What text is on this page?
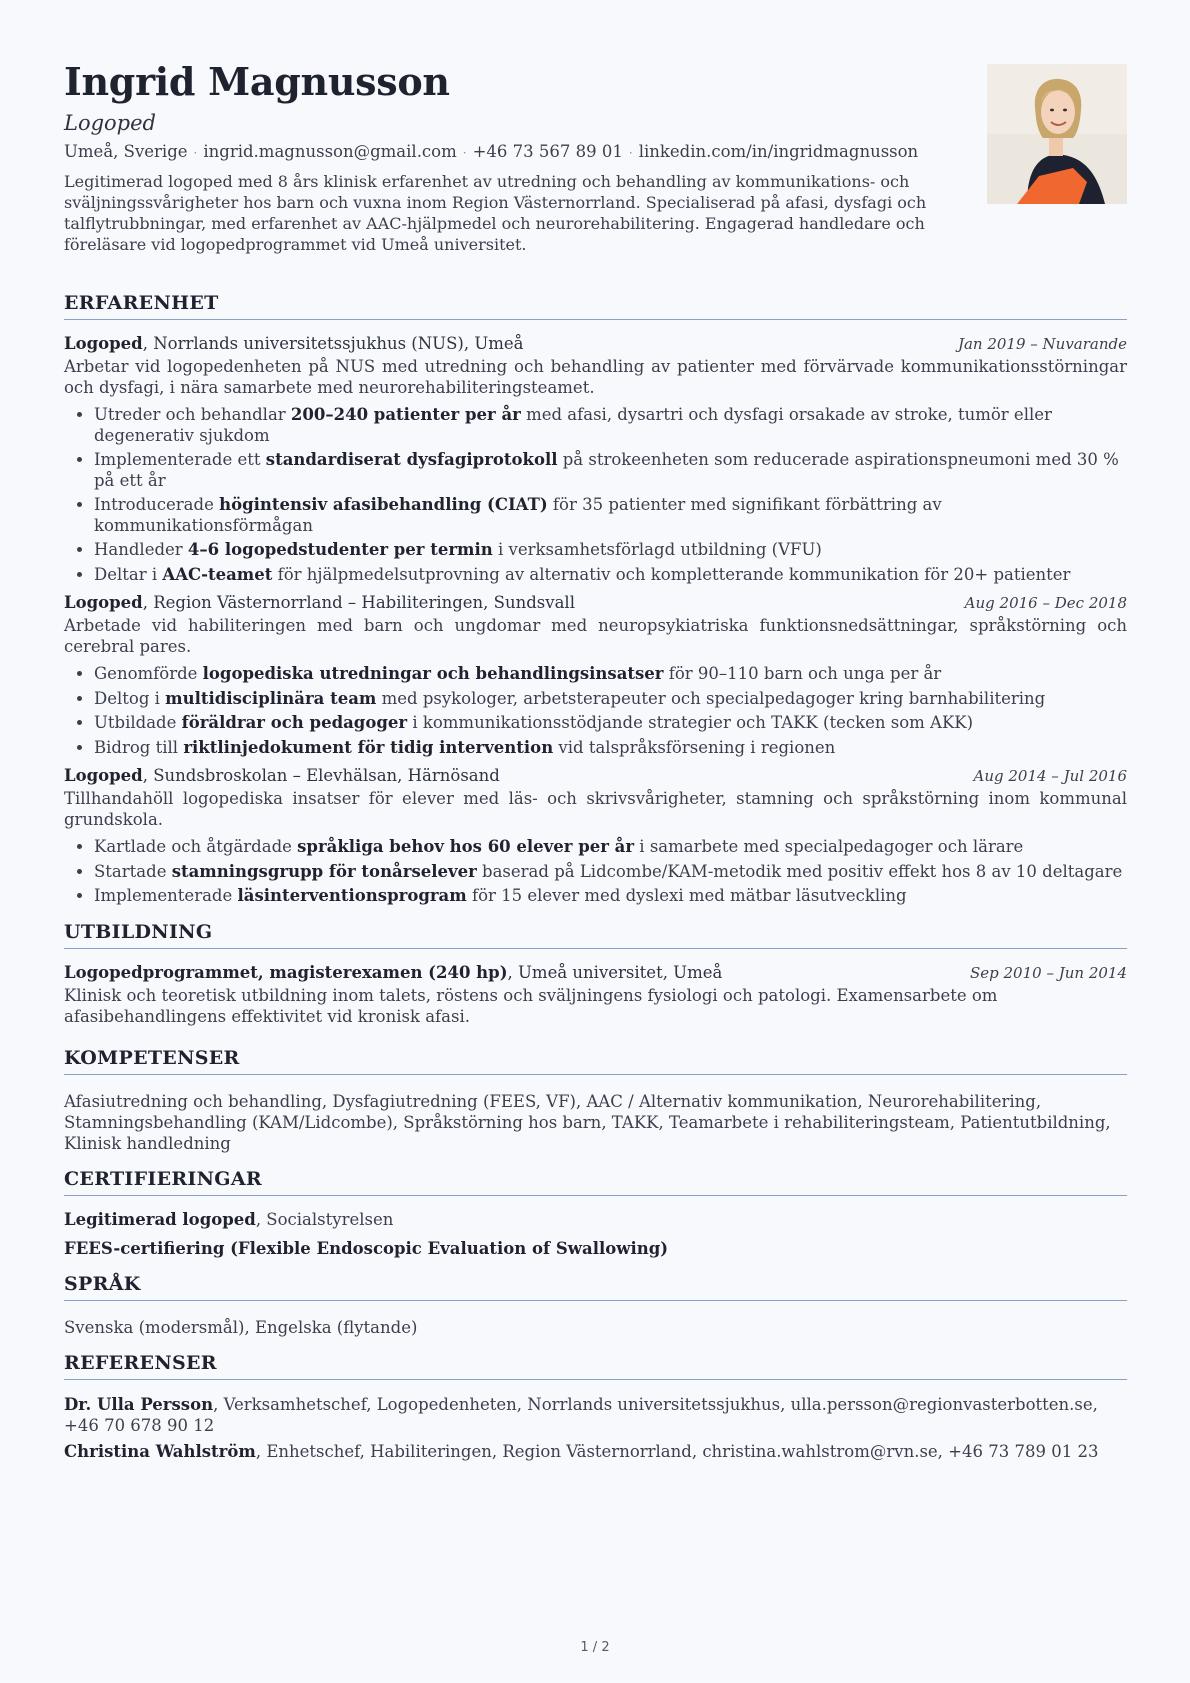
Ingrid Magnusson
Logoped
Umeå, Sverige · ingrid.magnusson@gmail.com · +46 73 567 89 01 · linkedin.com/in/ingridmagnusson
Legitimerad logoped med 8 års klinisk erfarenhet av utredning och behandling av kommunikations- och sväljningssvårigheter hos barn och vuxna inom Region Västernorrland. Specialiserad på afasi, dysfagi och talflytrubbningar, med erfarenhet av AAC-hjälpmedel och neurorehabilitering. Engagerad handledare och föreläsare vid logopedprogrammet vid Umeå universitet.
ERFARENHET
Logoped, Norrlands universitetssjukhus (NUS), Umeå	Jan 2019 – Nuvarande
Arbetar vid logopedenheten på NUS med utredning och behandling av patienter med förvärvade kommunikationsstörningar och dysfagi, i nära samarbete med neurorehabiliteringsteamet.
• Utreder och behandlar 200–240 patienter per år med afasi, dysartri och dysfagi orsakade av stroke, tumör eller degenerativ sjukdom
• Implementerade ett standardiserat dysfagiprotokoll på strokeenheten som reducerade aspirationspneumoni med 30 % på ett år
• Introducerade högintensiv afasibehandling (CIAT) för 35 patienter med signifikant förbättring av kommunikationsförmågan
• Handleder 4–6 logopedstudenter per termin i verksamhetsförlagd utbildning (VFU)
• Deltar i AAC-teamet för hjälpmedelsutprovning av alternativ och kompletterande kommunikation för 20+ patienter
Logoped, Region Västernorrland – Habiliteringen, Sundsvall	Aug 2016 – Dec 2018
Arbetade vid habiliteringen med barn och ungdomar med neuropsykiatriska funktionsnedsättningar, språkstörning och cerebral pares.
• Genomförde logopediska utredningar och behandlingsinsatser för 90–110 barn och unga per år
• Deltog i multidisciplinära team med psykologer, arbetsterapeuter och specialpedagoger kring barnhabilitering
• Utbildade föräldrar och pedagoger i kommunikationsstödjande strategier och TAKK (tecken som AKK)
• Bidrog till riktlinjedokument för tidig intervention vid talspråksförsening i regionen
Logoped, Sundsbroskolan – Elevhälsan, Härnösand	Aug 2014 – Jul 2016
Tillhandahöll logopediska insatser för elever med läs- och skrivsvårigheter, stamning och språkstörning inom kommunal grundskola.
• Kartlade och åtgärdade språkliga behov hos 60 elever per år i samarbete med specialpedagoger och lärare
• Startade stamningsgrupp för tonårselever baserad på Lidcombe/KAM-metodik med positiv effekt hos 8 av 10 deltagare
• Implementerade läsinterventionsprogram för 15 elever med dyslexi med mätbar läsutveckling
UTBILDNING
Logopedprogrammet, magisterexamen (240 hp), Umeå universitet, Umeå	Sep 2010 – Jun 2014
Klinisk och teoretisk utbildning inom talets, röstens och sväljningens fysiologi och patologi. Examensarbete om afasibehandlingens effektivitet vid kronisk afasi.
KOMPETENSER
Afasiutredning och behandling, Dysfagiutredning (FEES, VF), AAC / Alternativ kommunikation, Neurorehabilitering, Stamningsbehandling (KAM/Lidcombe), Språkstörning hos barn, TAKK, Teamarbete i rehabiliteringsteam, Patientutbildning, Klinisk handledning
CERTIFIERINGAR
Legitimerad logoped, Socialstyrelsen
FEES-certifiering (Flexible Endoscopic Evaluation of Swallowing)
SPRÅK
Svenska (modersmål), Engelska (flytande)
REFERENSER
Dr. Ulla Persson, Verksamhetschef, Logopedenheten, Norrlands universitetssjukhus, ulla.persson@regionvasterbotten.se, +46 70 678 90 12
Christina Wahlström, Enhetschef, Habiliteringen, Region Västernorrland, christina.wahlstrom@rvn.se, +46 73 789 01 23
1 / 2
